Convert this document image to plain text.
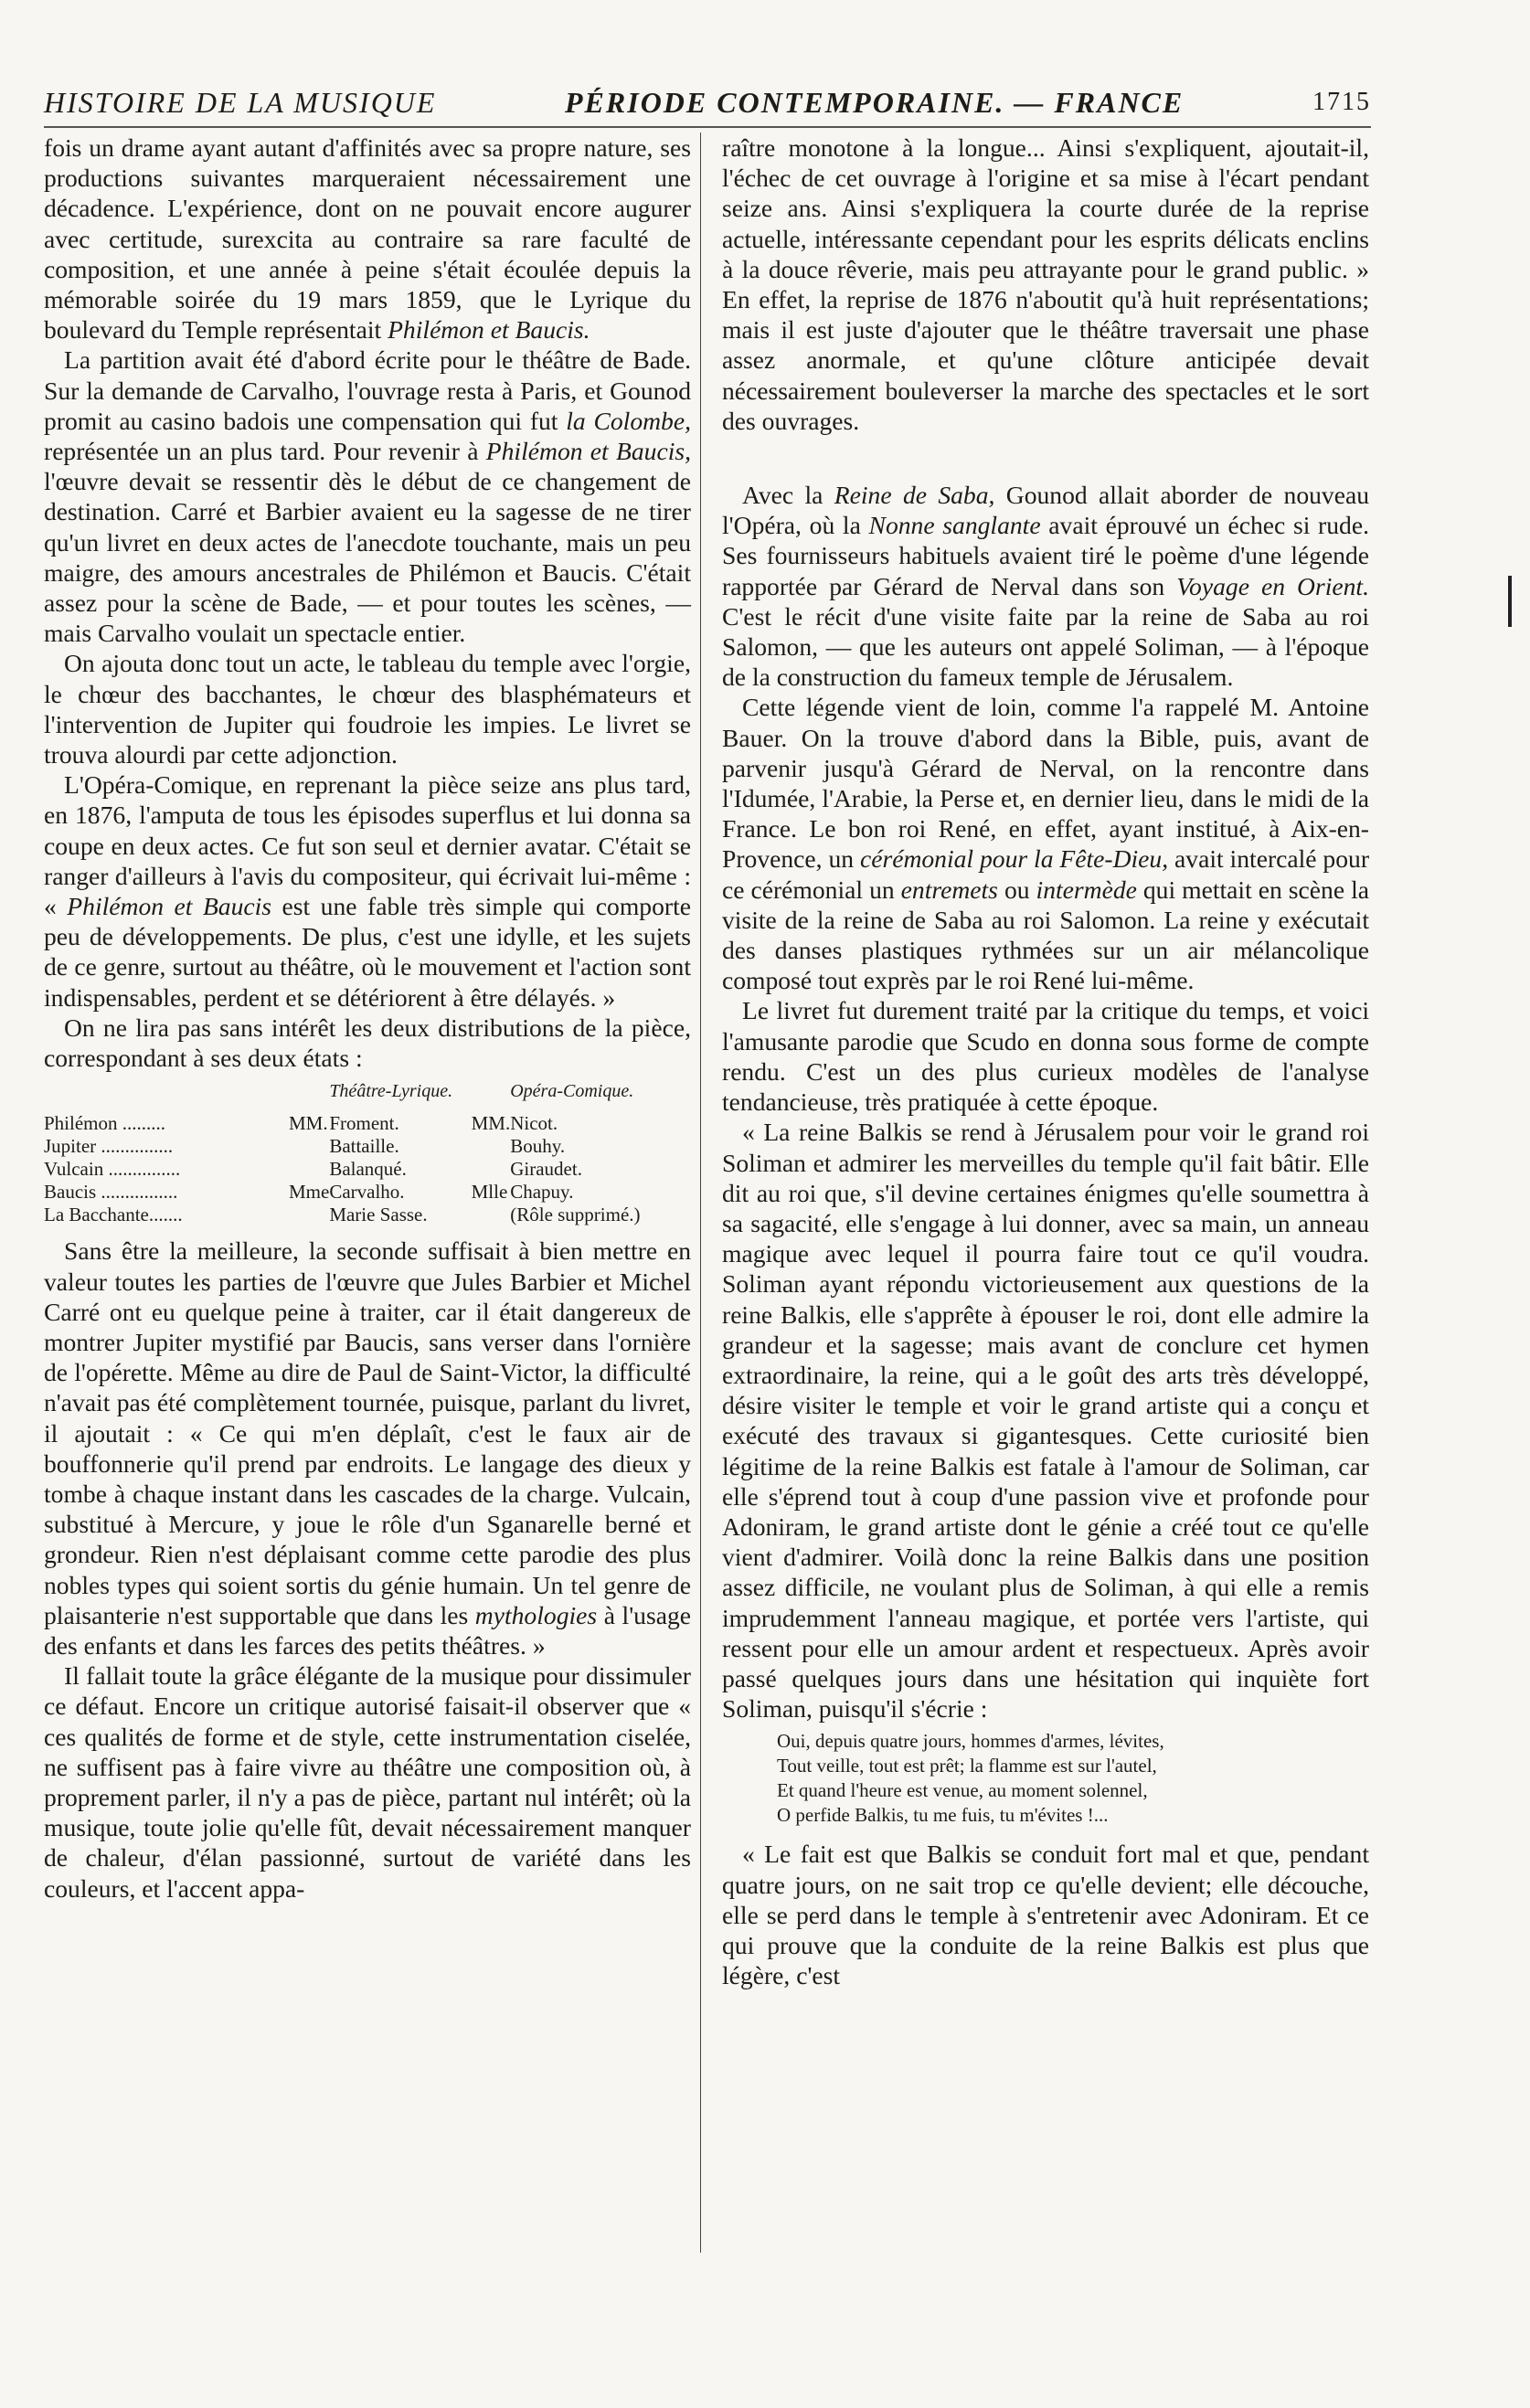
HISTOIRE DE LA MUSIQUE	PÉRIODE CONTEMPORAINE. — FRANCE	1715

fois un drame ayant autant d'affinités avec sa propre nature, ses productions suivantes marqueraient nécessairement une décadence. L'expérience, dont on ne pouvait encore augurer avec certitude, surexcita au contraire sa rare faculté de composition, et une année à peine s'était écoulée depuis la mémorable soirée du 19 mars 1859, que le Lyrique du boulevard du Temple représentait Philémon et Baucis.

La partition avait été d'abord écrite pour le théâtre de Bade. Sur la demande de Carvalho, l'ouvrage resta à Paris, et Gounod promit au casino badois une compensation qui fut la Colombe, représentée un an plus tard. Pour revenir à Philémon et Baucis, l'œuvre devait se ressentir dès le début de ce changement de destination. Carré et Barbier avaient eu la sagesse de ne tirer qu'un livret en deux actes de l'anecdote touchante, mais un peu maigre, des amours ancestrales de Philémon et Baucis. C'était assez pour la scène de Bade, — et pour toutes les scènes, — mais Carvalho voulait un spectacle entier.

On ajouta donc tout un acte, le tableau du temple avec l'orgie, le chœur des bacchantes, le chœur des blasphémateurs et l'intervention de Jupiter qui foudroie les impies. Le livret se trouva alourdi par cette adjonction.

L'Opéra-Comique, en reprenant la pièce seize ans plus tard, en 1876, l'amputa de tous les épisodes superflus et lui donna sa coupe en deux actes. Ce fut son seul et dernier avatar. C'était se ranger d'ailleurs à l'avis du compositeur, qui écrivait lui-même : « Philémon et Baucis est une fable très simple qui comporte peu de développements. De plus, c'est une idylle, et les sujets de ce genre, surtout au théâtre, où le mouvement et l'action sont indispensables, perdent et se détériorent à être délayés. »

On ne lira pas sans intérêt les deux distributions de la pièce, correspondant à ses deux états :

		Théâtre-Lyrique.		Opéra-Comique.
Philémon .........	MM.	Froment.	MM.	Nicot.
Jupiter ...............		Battaille.		Bouhy.
Vulcain ...............		Balanqué.		Giraudet.
Baucis ................	Mme	Carvalho.	Mlle	Chapuy.
La Bacchante.......		Marie Sasse.		(Rôle supprimé.)

Sans être la meilleure, la seconde suffisait à bien mettre en valeur toutes les parties de l'œuvre que Jules Barbier et Michel Carré ont eu quelque peine à traiter, car il était dangereux de montrer Jupiter mystifié par Baucis, sans verser dans l'ornière de l'opérette. Même au dire de Paul de Saint-Victor, la difficulté n'avait pas été complètement tournée, puisque, parlant du livret, il ajoutait : « Ce qui m'en déplaît, c'est le faux air de bouffonnerie qu'il prend par endroits. Le langage des dieux y tombe à chaque instant dans les cascades de la charge. Vulcain, substitué à Mercure, y joue le rôle d'un Sganarelle berné et grondeur. Rien n'est déplaisant comme cette parodie des plus nobles types qui soient sortis du génie humain. Un tel genre de plaisanterie n'est supportable que dans les mythologies à l'usage des enfants et dans les farces des petits théâtres. »

Il fallait toute la grâce élégante de la musique pour dissimuler ce défaut. Encore un critique autorisé faisait-il observer que « ces qualités de forme et de style, cette instrumentation ciselée, ne suffisent pas à faire vivre au théâtre une composition où, à proprement parler, il n'y a pas de pièce, partant nul intérêt; où la musique, toute jolie qu'elle fût, devait nécessairement manquer de chaleur, d'élan passionné, surtout de variété dans les couleurs, et l'accent appa-

raître monotone à la longue... Ainsi s'expliquent, ajoutait-il, l'échec de cet ouvrage à l'origine et sa mise à l'écart pendant seize ans. Ainsi s'expliquera la courte durée de la reprise actuelle, intéressante cependant pour les esprits délicats enclins à la douce rêverie, mais peu attrayante pour le grand public. » En effet, la reprise de 1876 n'aboutit qu'à huit représentations; mais il est juste d'ajouter que le théâtre traversait une phase assez anormale, et qu'une clôture anticipée devait nécessairement bouleverser la marche des spectacles et le sort des ouvrages.

Avec la Reine de Saba, Gounod allait aborder de nouveau l'Opéra, où la Nonne sanglante avait éprouvé un échec si rude. Ses fournisseurs habituels avaient tiré le poème d'une légende rapportée par Gérard de Nerval dans son Voyage en Orient. C'est le récit d'une visite faite par la reine de Saba au roi Salomon, — que les auteurs ont appelé Soliman, — à l'époque de la construction du fameux temple de Jérusalem.

Cette légende vient de loin, comme l'a rappelé M. Antoine Bauer. On la trouve d'abord dans la Bible, puis, avant de parvenir jusqu'à Gérard de Nerval, on la rencontre dans l'Idumée, l'Arabie, la Perse et, en dernier lieu, dans le midi de la France. Le bon roi René, en effet, ayant institué, à Aix-en-Provence, un cérémonial pour la Fête-Dieu, avait intercalé pour ce cérémonial un entremets ou intermède qui mettait en scène la visite de la reine de Saba au roi Salomon. La reine y exécutait des danses plastiques rythmées sur un air mélancolique composé tout exprès par le roi René lui-même.

Le livret fut durement traité par la critique du temps, et voici l'amusante parodie que Scudo en donna sous forme de compte rendu. C'est un des plus curieux modèles de l'analyse tendancieuse, très pratiquée à cette époque.

« La reine Balkis se rend à Jérusalem pour voir le grand roi Soliman et admirer les merveilles du temple qu'il fait bâtir. Elle dit au roi que, s'il devine certaines énigmes qu'elle soumettra à sa sagacité, elle s'engage à lui donner, avec sa main, un anneau magique avec lequel il pourra faire tout ce qu'il voudra. Soliman ayant répondu victorieusement aux questions de la reine Balkis, elle s'apprête à épouser le roi, dont elle admire la grandeur et la sagesse; mais avant de conclure cet hymen extraordinaire, la reine, qui a le goût des arts très développé, désire visiter le temple et voir le grand artiste qui a conçu et exécuté des travaux si gigantesques. Cette curiosité bien légitime de la reine Balkis est fatale à l'amour de Soliman, car elle s'éprend tout à coup d'une passion vive et profonde pour Adoniram, le grand artiste dont le génie a créé tout ce qu'elle vient d'admirer. Voilà donc la reine Balkis dans une position assez difficile, ne voulant plus de Soliman, à qui elle a remis imprudemment l'anneau magique, et portée vers l'artiste, qui ressent pour elle un amour ardent et respectueux. Après avoir passé quelques jours dans une hésitation qui inquiète fort Soliman, puisqu'il s'écrie :

Oui, depuis quatre jours, hommes d'armes, lévites,
Tout veille, tout est prêt; la flamme est sur l'autel,
Et quand l'heure est venue, au moment solennel,
O perfide Balkis, tu me fuis, tu m'évites !...

« Le fait est que Balkis se conduit fort mal et que, pendant quatre jours, on ne sait trop ce qu'elle devient; elle découche, elle se perd dans le temple à s'entretenir avec Adoniram. Et ce qui prouve que la conduite de la reine Balkis est plus que légère, c'est
